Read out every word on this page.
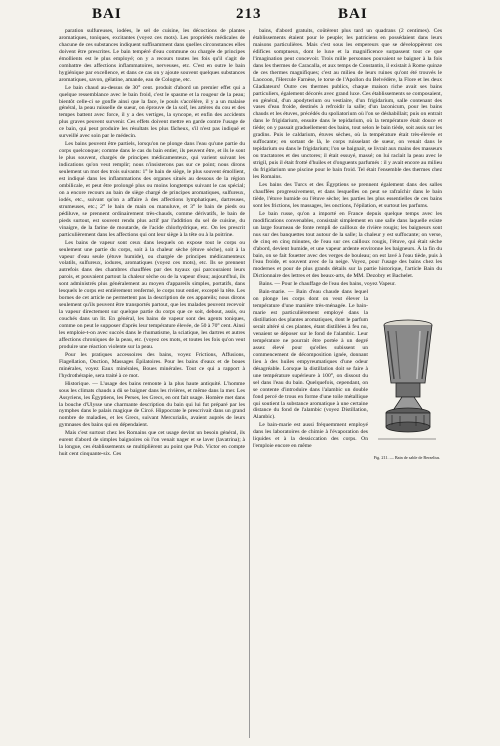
BAI	213	BAI

paration sulfureuses, iodées, le sel de cuisine, les décoctions de plantes aromatiques, toniques, excitantes (voyez ces mots). Les propriétés médicales de chacune de ces substances indiquent suffisamment dans quelles circonstances elles doivent être prescrites. Le bain tempéré d'eau commune ou chargée de principes émollients est le plus employé; on y a recours toutes les fois qu'il s'agit de combattre des affections inflammatoires, nerveuses, etc. C'est en outre le bain hygiénique par excellence, et dans ce cas on y ajoute souvent quelques substances aromatiques, savon, gélatine, amande, eau de Cologne, etc.

Le bain chaud au-dessus de 30° cent. produit d'abord un premier effet qui a quelque ressemblance avec le bain froid, c'est le spasme et la rougeur de la peau; bientôt celle-ci se gonfle ainsi que la face, le pouls s'accélère, il y a un malaise général, la peau ruisselle de sueur, on éprouve de la soif, les artères du cou et des tempes battent avec force, il y a des vertiges, la syncope, et enfin des accidents plus graves peuvent survenir. Ces effets doivent mettre en garde contre l'usage de ce bain, qui peut produire les résultats les plus fâcheux, s'il n'est pas indiqué et surveillé avec soin par le médecin.

Les bains peuvent être partiels, lorsqu'on ne plonge dans l'eau qu'une partie du corps quelconque; comme dans le cas du bain entier, ils peuvent être, et ils le sont le plus souvent, chargés de principes médicamenteux, qui varient suivant les indications qu'on veut remplir; nous n'insisterons pas sur ce point; nous dirons seulement un mot des trois suivants: 1° le bain de siège, le plus souvent émollient, est indiqué dans les inflammations des organes situés au dessous de la région ombilicale, et peut être prolongé plus ou moins longtemps suivant le cas spécial; on a encore recours au bain de siège chargé de principes aromatiques, sulfureux, iodés, etc., suivant qu'on a affaire à des affections lymphatiques, dartreuses, strumeuses, etc.; 2° le bain de main ou manuluve, et 3° le bain de pieds ou pédiluve, se prennent ordinairement très-chauds, comme dérivatifs, le bain de pieds surtout, est souvent rendu plus actif par l'addition du sel de cuisine, du vinaigre, de la farine de moutarde, de l'acide chlorhydrique, etc. On les prescrit particulièrement dans les affections qui ont leur siège à la tête ou à la poitrine.

Les bains de vapeur sont ceux dans lesquels on expose tout le corps ou seulement une partie du corps, soit à la chaleur sèche (étuve sèche), soit à la vapeur d'eau seule (étuve humide), ou chargée de principes médicamenteux volatils, sulfureux, iodures, aromatiques (voyez ces mots), etc. Ils se prennent autrefois dans des chambres chauffées par des tuyaux qui parcouraient leurs parois, et pouvaient partout la chaleur sèche ou de la vapeur d'eau; aujourd'hui, ils sont administrés plus généralement au moyen d'appareils simples, portatifs, dans lesquels le corps est entièrement renfermé, le corps tout entier, excepté la tête. Les bornes de cet article ne permettent pas la description de ces appareils; nous dirons seulement qu'ils peuvent être transportés partout, que les malades peuvent recevoir la vapeur directement sur quelque partie du corps que ce soit, debout, assis, ou couchés dans un lit. En général, les bains de vapeur sont des agents toniques, comme on peut le supposer d'après leur température élevée, de 50 à 70° cent. Ainsi les emploie-t-on avec succès dans le rhumatisme, la sciatique, les dartres et autres affections chroniques de la peau, etc. (voyez ces mots, et toutes les fois qu'on veut produire une réaction violente sur la peau.

Pour les pratiques accessoires des bains, voyez Frictions, Affusions, Flagellation, Onction, Massages Épilatoires. Pour les bains d'eaux et de boues minérales, voyez Eaux minérales, Boues minérales. Tout ce qui a rapport à l'hydrothérapie, sera traité à ce mot.

Historique. — L'usage des bains remonte à la plus haute antiquité. L'homme sous les climats chauds a dû se baigner dans les rivières, et même dans la mer. Les Assyriens, les Égyptiens, les Perses, les Grecs, en ont fait usage. Homère met dans la bouche d'Ulysse une charmante description du bain qui lui fut préparé par les nymphes dans le palais magique de Circé. Hippocrate le prescrivait dans un grand nombre de maladies, et les Grecs, suivant Mercurialis, avaient auprès de leurs gymnases des bains qui en dépendaient.

Mais c'est surtout chez les Romains que cet usage devint un besoin général, ils eurent d'abord de simples baignoires où l'on venait nager et se laver (lavatrina); à la longue, ces établissements se multiplièrent au point que Pub. Victor en compte huit cent cinquante-six. Ces

bains, d'abord gratuits, coûtèrent plus tard un quadrans (2 centimes). Ces établissements étaient pour le peuple; les patriciens en possédaient dans leurs maisons particulières. Mais c'est sous les empereurs que se développèrent ces édifices somptueux, dont le luxe et la magnificence surpassent tout ce que l'imagination peut concevoir. Trois mille personnes pouvaient se baigner à la fois dans les thermes de Caracalla, et aux temps de Constantin, il existait à Rome quinze de ces thermes magnifiques; c'est au milieu de leurs ruines qu'ont été trouvés le Laocoon, l'Hercule Farnèse, le torse de l'Apollon du Belvédère, la Flore et les deux Gladiateurs! Outre ces thermes publics, chaque maison riche avait ses bains particuliers, également décorés avec grand luxe. Ces établissements se composaient, en général, d'un apodyterium ou vestiaire, d'un frigidarium, salle contenant des vases d'eau froide, destinés à refroidir la salle; d'un laconicum, pour les bains chauds et les étuves, précédés du spoliatorium où l'on se déshabillait; puis on entrait dans le frigidarium, ensuite dans le tepidarium, où la température était douce et tiède; on y passait graduellement des bains, tout selon le bain tiède, soit assis sur les gradins. Puis le caldarium, étuves sèches, où la température était très-élevée et suffocante; en sortant de là, le corps ruisselant de sueur, on venait dans le tepidarium ou dans le frigidarium; l'on se baignait, se livrait aux mains des masseurs ou tractatores et des unctores; il était essuyé, massé; on lui raclait la peau avec le strigil, puis il était frotté d'huiles et d'onguents parfumés : il y avait encore au milieu du frigidarium une piscine pour le bain froid. Tel était l'ensemble des thermes chez les Romains.

Les bains des Turcs et des Égyptiens se prennent également dans des salles chauffées progressivement, et dans lesquelles on peut se rafraîchir dans le bain tiède, l'étuve humide ou l'étuve sèche; les parties les plus essentielles de ces bains sont les frictions, les massages, les onctions, l'épilation, et surtout les parfums.

Le bain russe, qu'on a importé en France depuis quelque temps avec les modifications convenables, consistait simplement en une salle dans laquelle existe un large fourneau de fonte rempli de cailloux de rivière rougis; les baigneurs sont nus sur des banquettes tout autour de la salle; la chaleur y est suffocante; on verse, de cinq en cinq minutes, de l'eau sur ces cailloux rougis, l'étuve, qui était sèche d'abord, devient humide, et une vapeur ardente environne les baigneurs. À la fin du bain, on se fait fouetter avec des verges de bouleau; on est lavé à l'eau tiède, puis à l'eau froide, et souvent avec de la neige. Voyez, pour l'usage des bains chez les modernes et pour de plus grands détails sur la partie historique, l'article Bain du Dictionnaire des lettres et des beaux-arts, de MM. Dezobry et Bachelet.

Bains. — Pour le chauffage de l'eau des bains, voyez Vapeur.

Fig. 211. — Bain de sable de Berzelius.

Bain-marie. — Bain d'eau chaude dans lequel on plonge les corps dont on veut élever la température d'une manière très-ménagée. Le bain-marie est particulièrement employé dans la distillation des plantes aromatiques, dont le parfum serait altéré si ces plantes, étant distillées à feu nu, venaient se déposer sur le fond de l'alambic. Leur température ne pourrait être portée à un degré assez élevé pour qu'elles subissent un commencement de décomposition ignée, donnant lieu à des huiles empyreumatiques d'une odeur désagréable. Lorsque la distillation doit se faire à une température supérieure à 100°, on dissout du sel dans l'eau du bain. Quelquefois, cependant, on se contente d'introduire dans l'alambic un double fond percé de trous en forme d'une toile métallique qui soutient la substance aromatique à une certaine distance du fond de l'alambic (voyez Distillation, Alambic).

Le bain-marie est aussi fréquemment employé dans les laboratoires de chimie à l'évaporation des liquides et à la dessiccation des corps. On l'emploie encore en même
